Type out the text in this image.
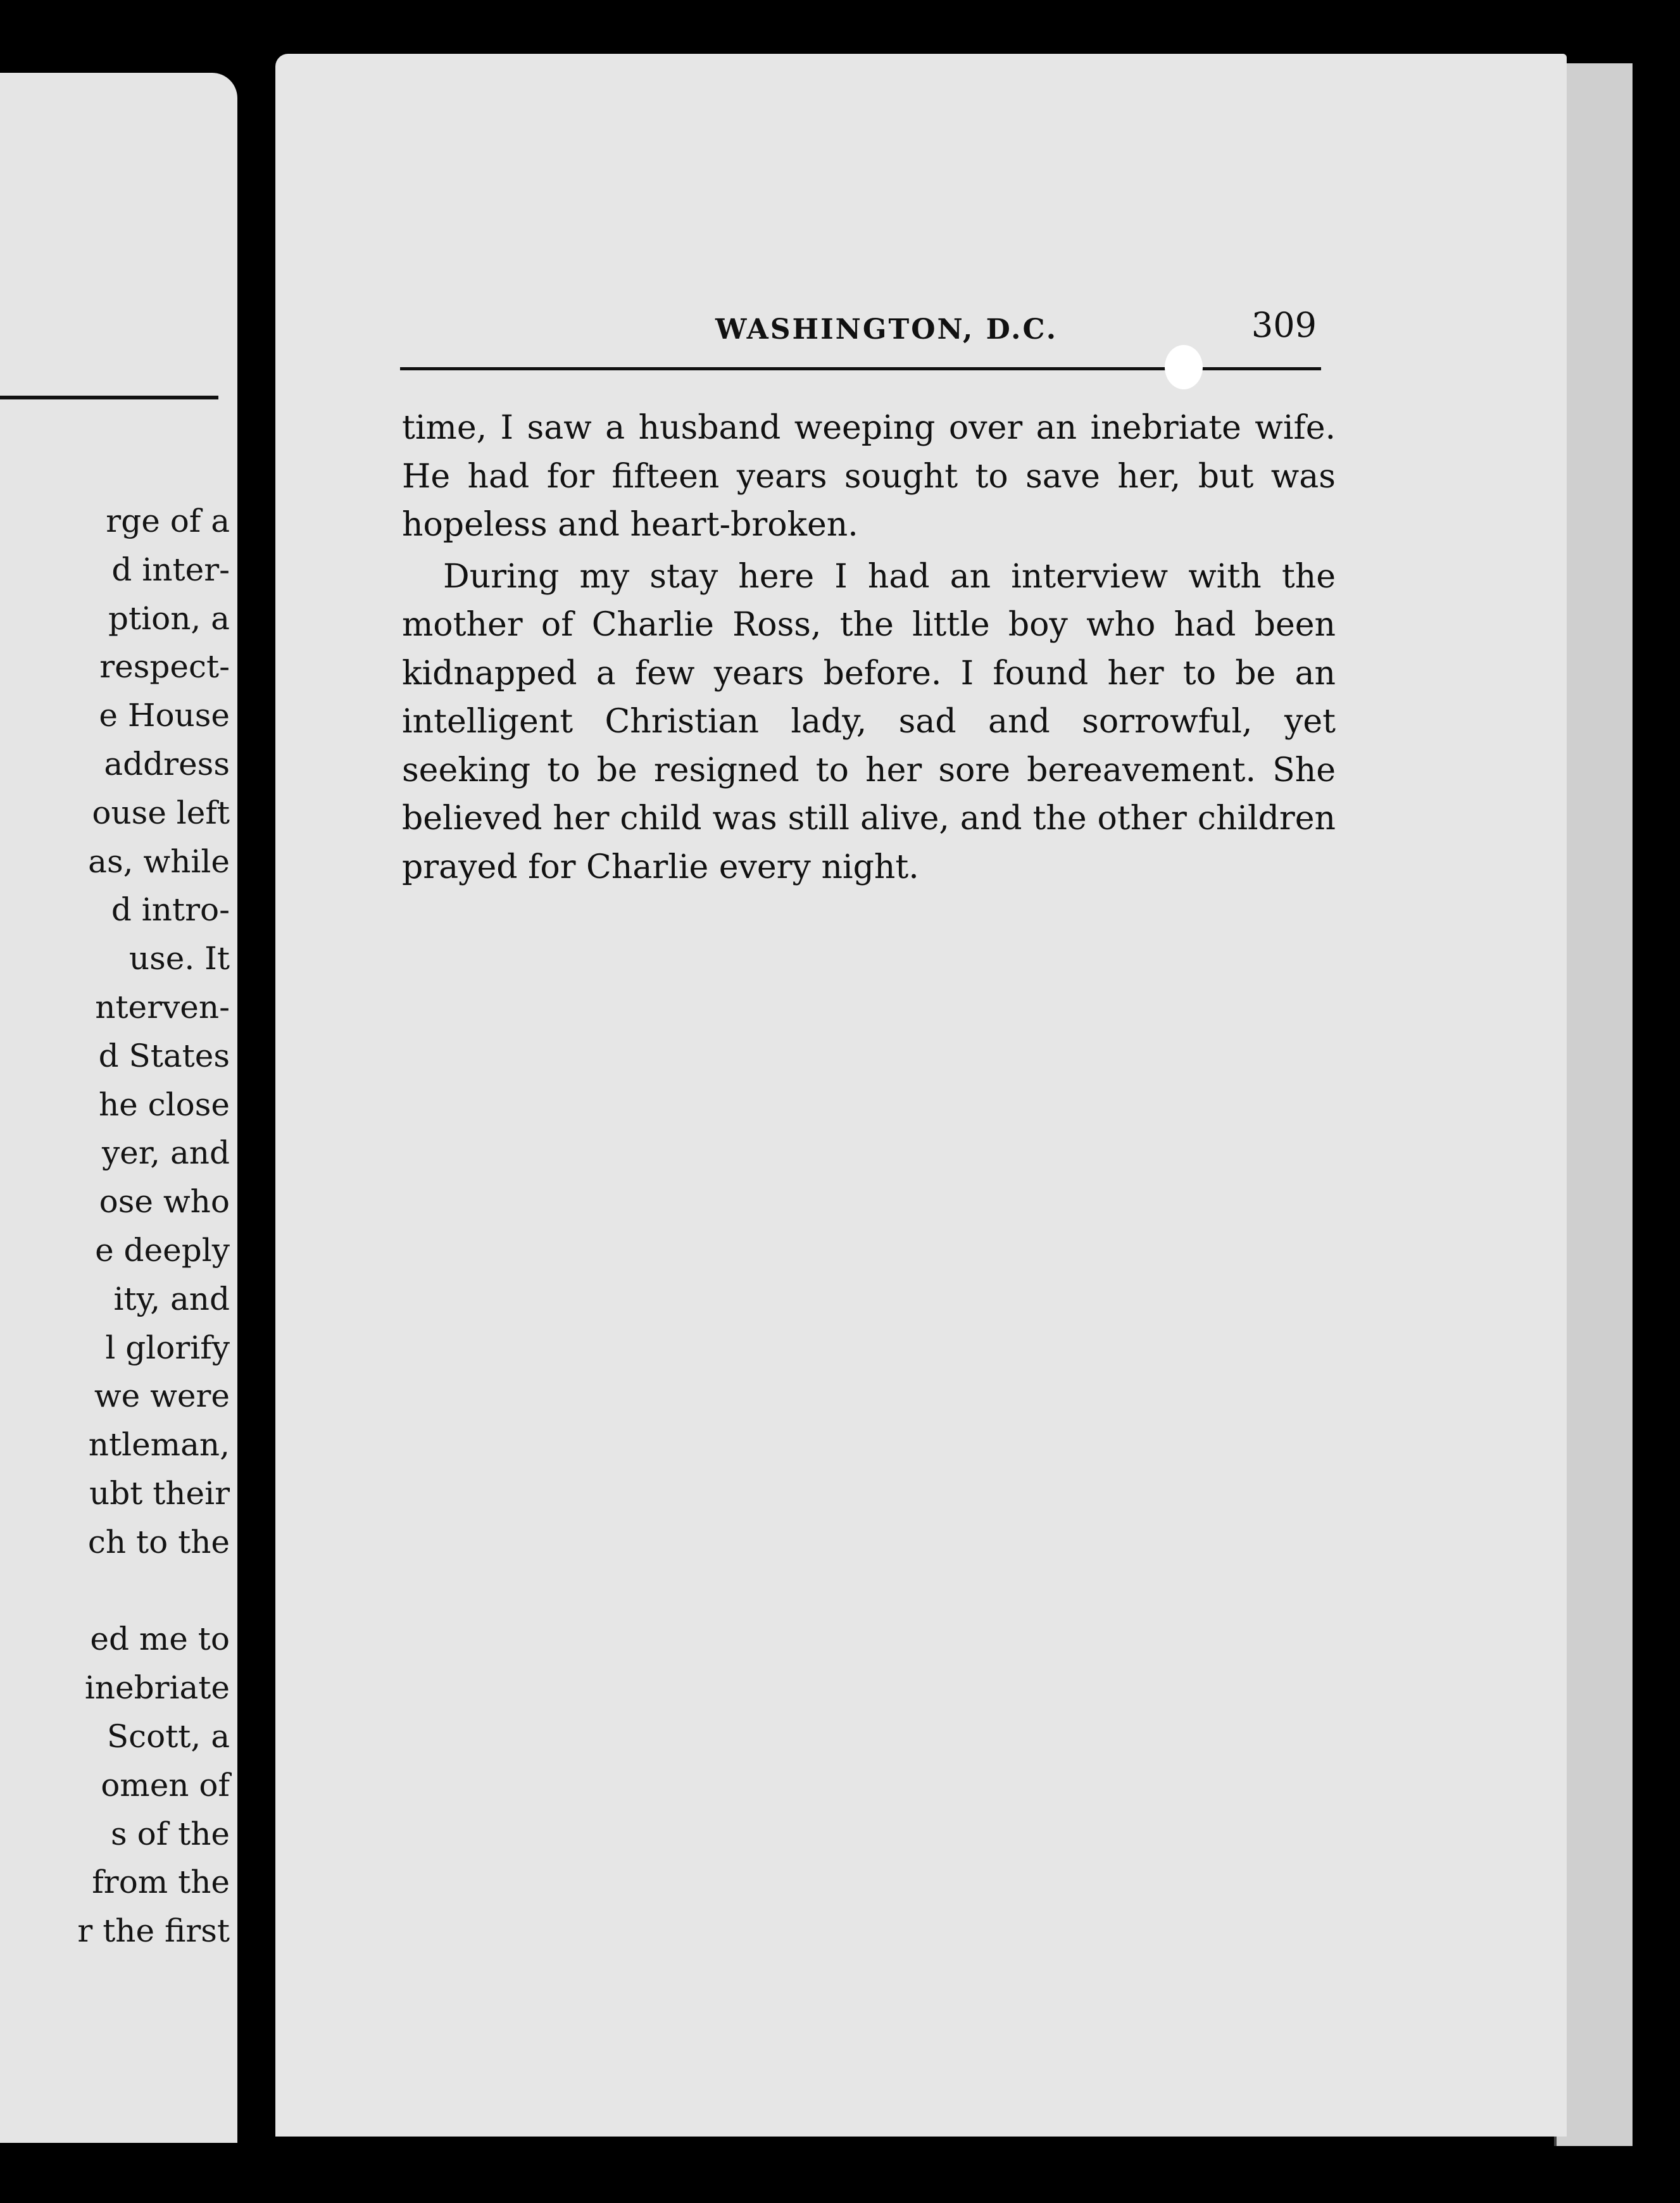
rge of a
d inter-
ption, a
respect-
e House
address
ouse left
as, while
d intro-
use. It
nterven-
d States
he close
yer, and
ose who
e deeply
ity, and
l glorify
we were
ntleman,
ubt their
ch to the
ed me to
inebriate
Scott, a
omen of
s of the
from the
r the first
WASHINGTON, D.C.	309

time, I saw a husband weeping over an inebriate wife. He had for fifteen years sought to save her, but was hopeless and heart-broken.

During my stay here I had an interview with the mother of Charlie Ross, the little boy who had been kidnapped a few years before. I found her to be an intelligent Christian lady, sad and sorrowful, yet seeking to be resigned to her sore bereavement. She believed her child was still alive, and the other children prayed for Charlie every night.
